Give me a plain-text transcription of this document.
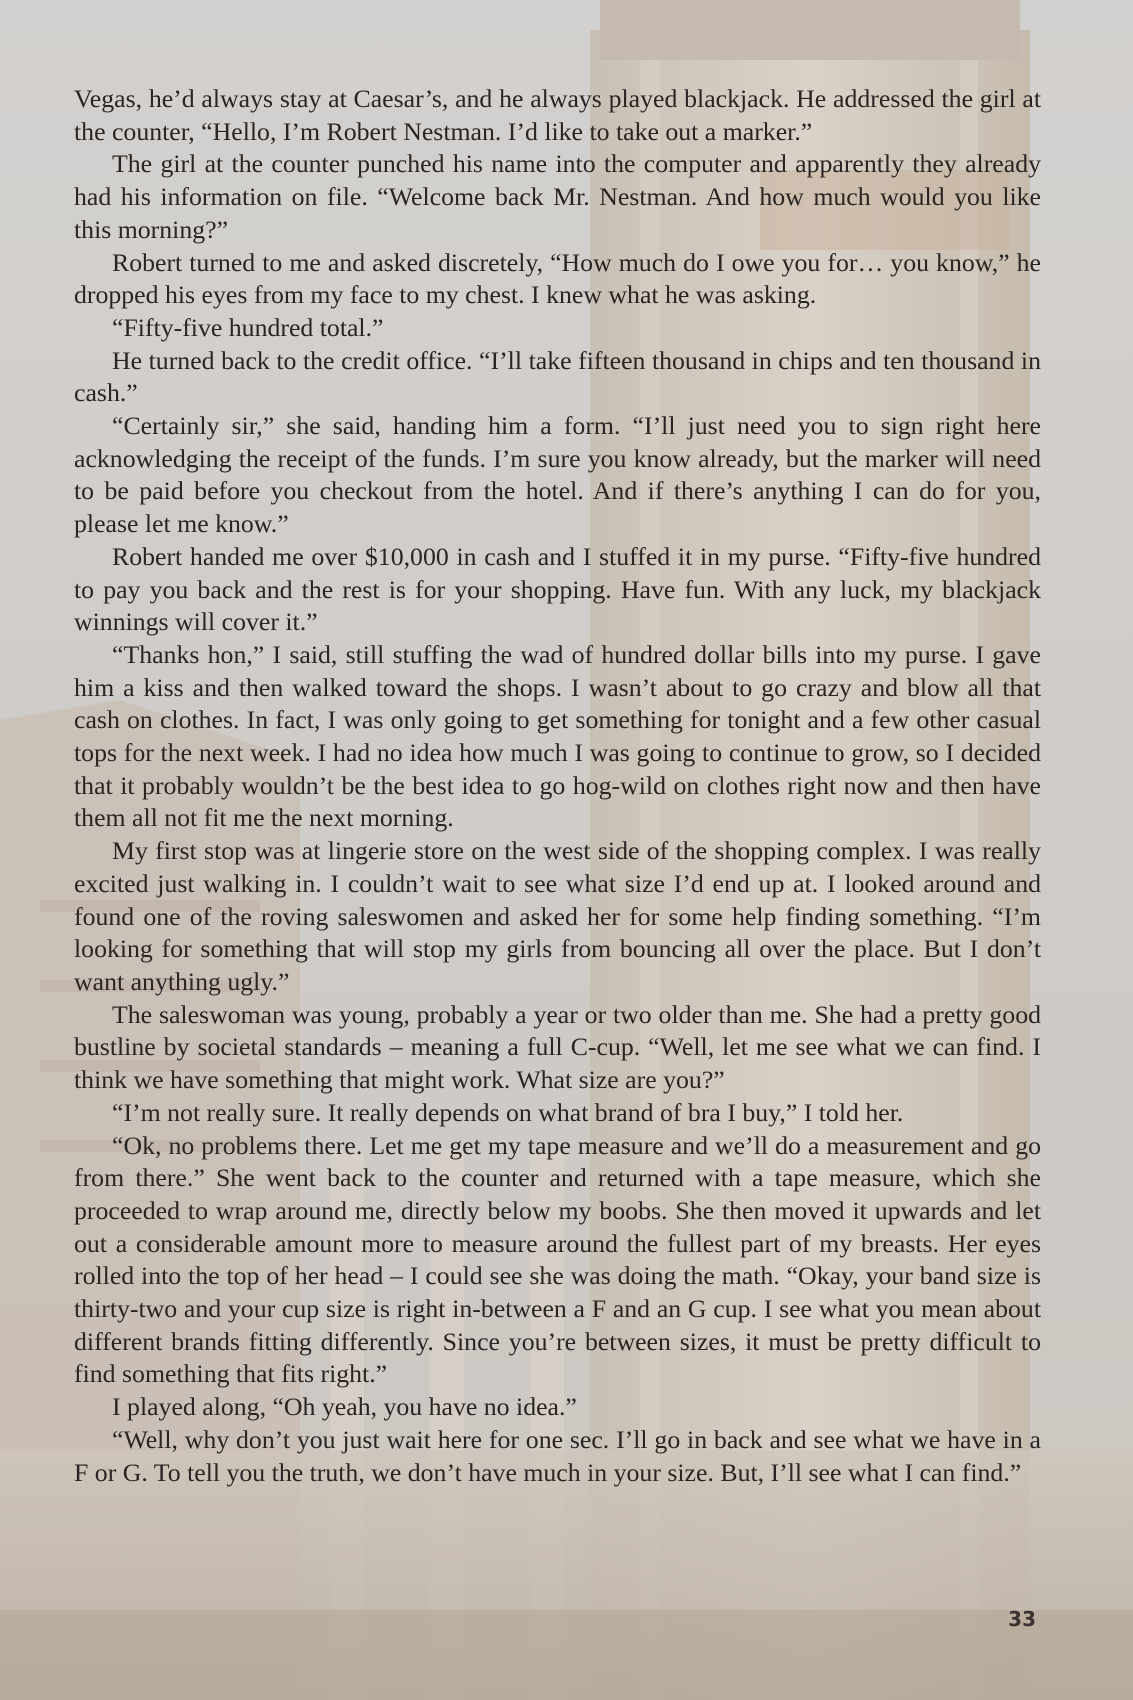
Vegas, he’d always stay at Caesar’s, and he always played blackjack. He addressed the girl at the counter, “Hello, I’m Robert Nestman. I’d like to take out a marker.”

The girl at the counter punched his name into the computer and apparently they already had his information on file. “Welcome back Mr. Nestman. And how much would you like this morning?”

Robert turned to me and asked discretely, “How much do I owe you for… you know,” he dropped his eyes from my face to my chest. I knew what he was asking.

“Fifty-five hundred total.”

He turned back to the credit office. “I’ll take fifteen thousand in chips and ten thousand in cash.”

“Certainly sir,” she said, handing him a form. “I’ll just need you to sign right here acknowledging the receipt of the funds. I’m sure you know already, but the marker will need to be paid before you checkout from the hotel. And if there’s anything I can do for you, please let me know.”

Robert handed me over $10,000 in cash and I stuffed it in my purse. “Fifty-five hundred to pay you back and the rest is for your shopping. Have fun. With any luck, my blackjack winnings will cover it.”

“Thanks hon,” I said, still stuffing the wad of hundred dollar bills into my purse. I gave him a kiss and then walked toward the shops. I wasn’t about to go crazy and blow all that cash on clothes. In fact, I was only going to get something for tonight and a few other casual tops for the next week. I had no idea how much I was going to continue to grow, so I decided that it probably wouldn’t be the best idea to go hog-wild on clothes right now and then have them all not fit me the next morning.

My first stop was at lingerie store on the west side of the shopping complex. I was really excited just walking in. I couldn’t wait to see what size I’d end up at. I looked around and found one of the roving saleswomen and asked her for some help finding something. “I’m looking for something that will stop my girls from bouncing all over the place. But I don’t want anything ugly.”

The saleswoman was young, probably a year or two older than me. She had a pretty good bustline by societal standards – meaning a full C-cup. “Well, let me see what we can find. I think we have something that might work. What size are you?”

“I’m not really sure. It really depends on what brand of bra I buy,” I told her.

“Ok, no problems there. Let me get my tape measure and we’ll do a measurement and go from there.” She went back to the counter and returned with a tape measure, which she proceeded to wrap around me, directly below my boobs. She then moved it upwards and let out a considerable amount more to measure around the fullest part of my breasts. Her eyes rolled into the top of her head – I could see she was doing the math. “Okay, your band size is thirty-two and your cup size is right in-between a F and an G cup. I see what you mean about different brands fitting differently. Since you’re between sizes, it must be pretty difficult to find something that fits right.”

I played along, “Oh yeah, you have no idea.”

“Well, why don’t you just wait here for one sec. I’ll go in back and see what we have in a F or G. To tell you the truth, we don’t have much in your size. But, I’ll see what I can find.”

33
